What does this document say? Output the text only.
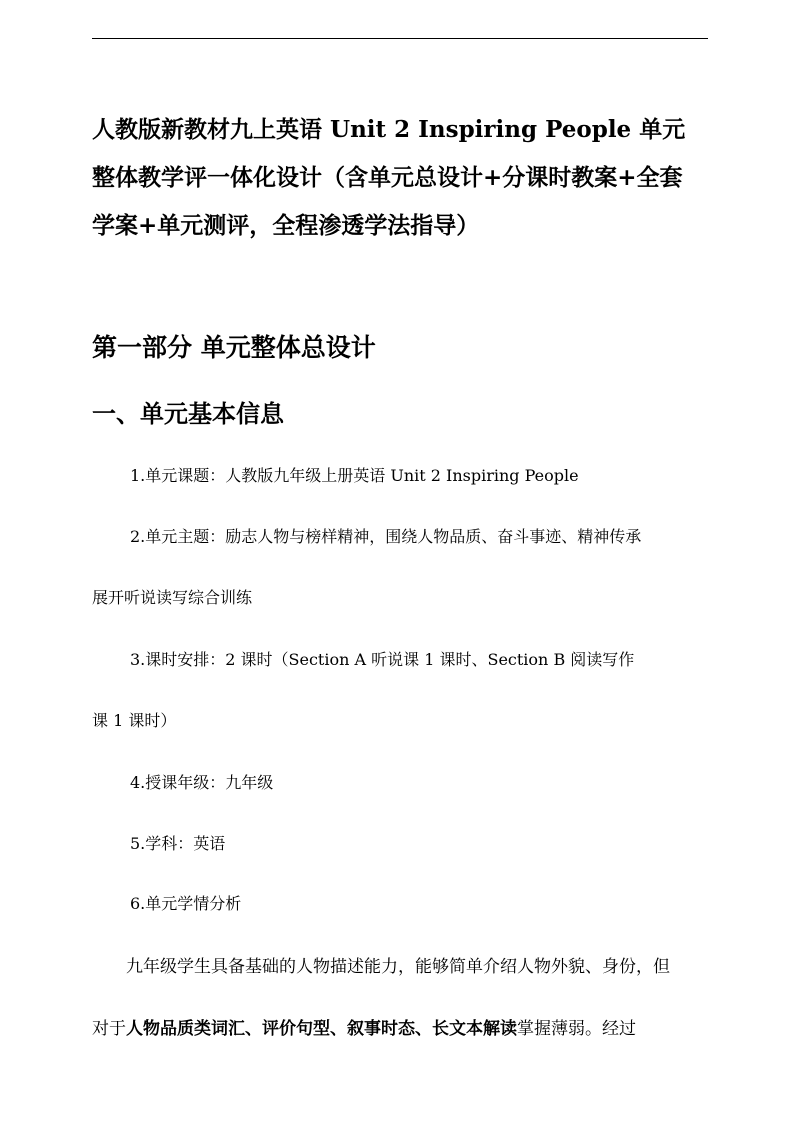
人教版新教材九上英语 Unit 2 Inspiring People 单元
整体教学评一体化设计（含单元总设计+分课时教案+全套
学案+单元测评，全程渗透学法指导）
第一部分 单元整体总设计
一、单元基本信息

1.单元课题：人教版九年级上册英语 Unit 2 Inspiring People

2.单元主题：励志人物与榜样精神，围绕人物品质、奋斗事迹、精神传承
展开听说读写综合训练

3.课时安排：2 课时（Section A 听说课 1 课时、Section B 阅读写作
课 1 课时）

4.授课年级：九年级

5.学科：英语

6.单元学情分析

九年级学生具备基础的人物描述能力，能够简单介绍人物外貌、身份，但
对于人物品质类词汇、评价句型、叙事时态、长文本解读掌握薄弱。经过
